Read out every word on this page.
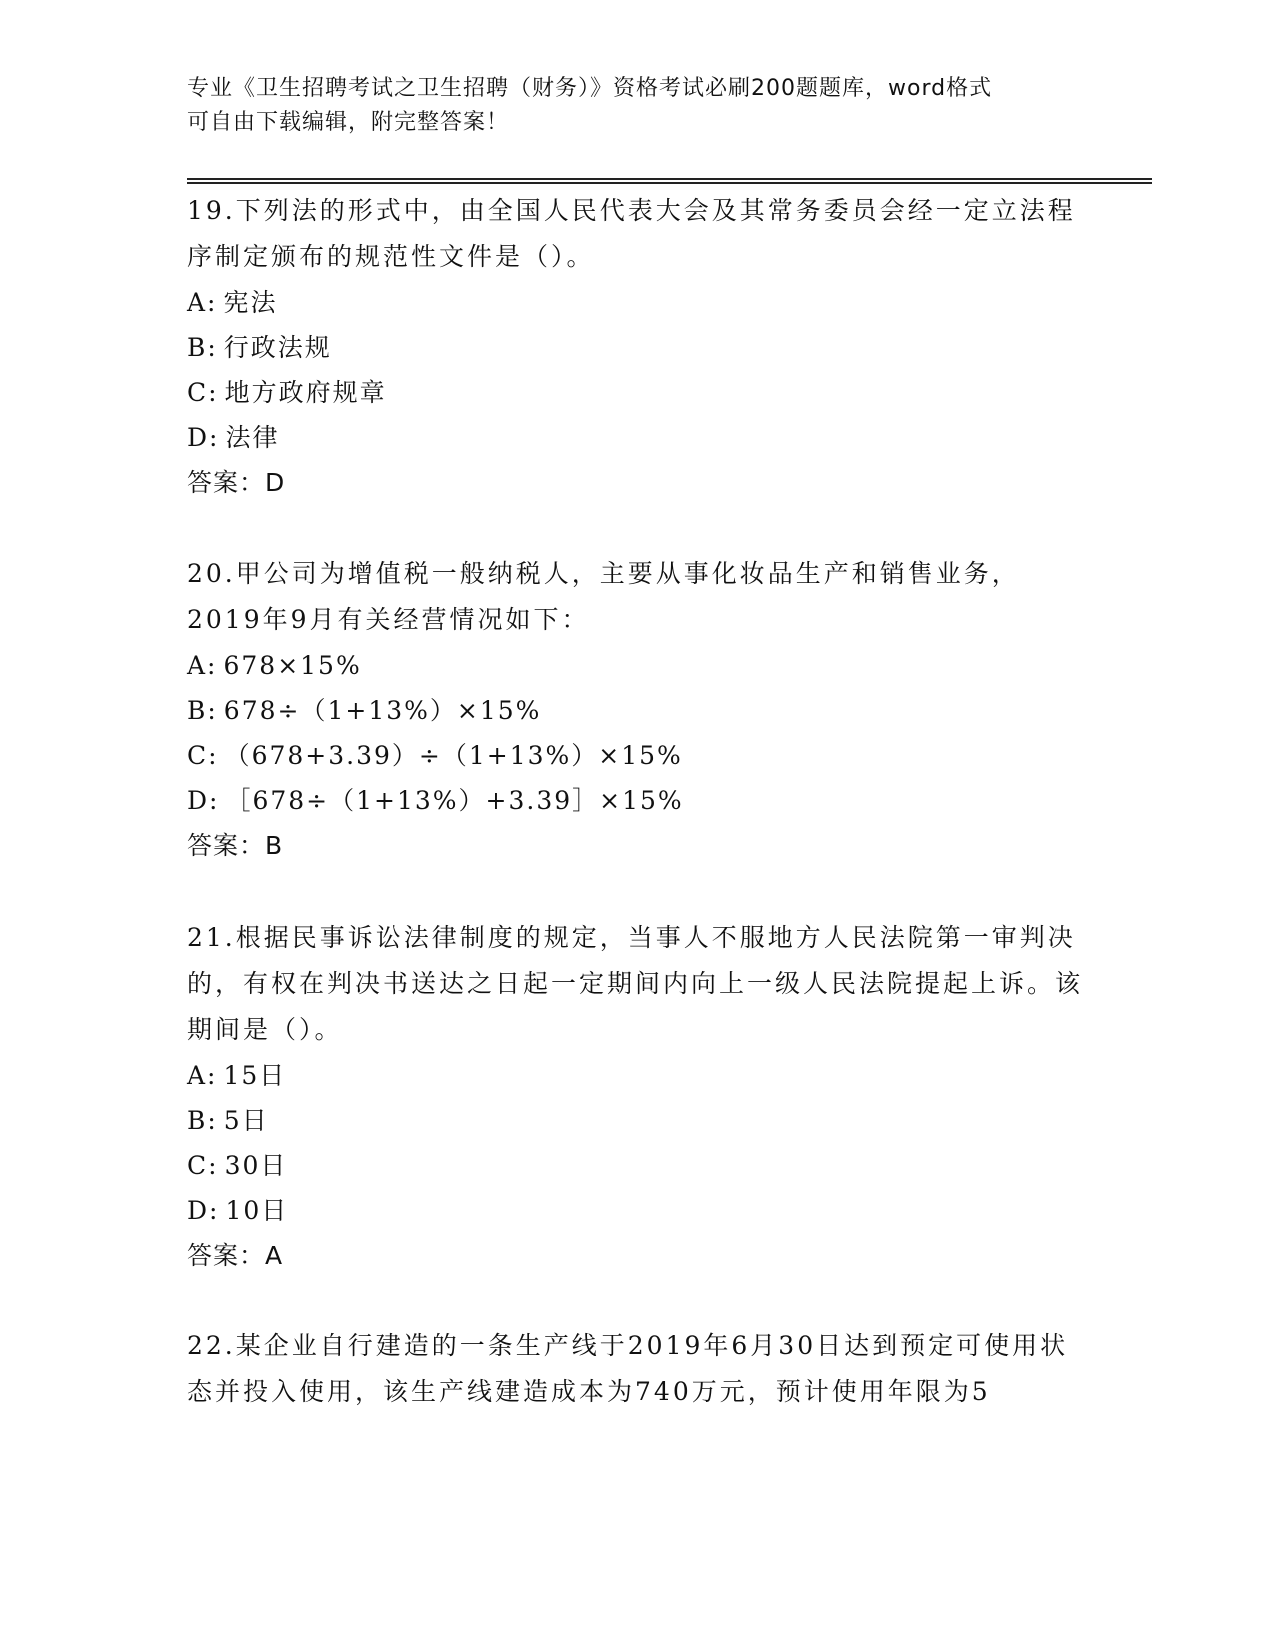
专业《卫生招聘考试之卫生招聘（财务）》资格考试必刷200题题库，word格式

可自由下载编辑，附完整答案！

19.下列法的形式中，由全国人民代表大会及其常务委员会经一定立法程序制定颁布的规范性文件是（）。

A: 宪法

B: 行政法规

C: 地方政府规章

D: 法律

答案：D

20.甲公司为增值税一般纳税人，主要从事化妆品生产和销售业务，2019年9月有关经营情况如下：

A: 678×15%

B: 678÷（1+13%）×15%

C: （678+3.39）÷（1+13%）×15%

D: ［678÷（1+13%）+3.39］×15%

答案：B

21.根据民事诉讼法律制度的规定，当事人不服地方人民法院第一审判决的，有权在判决书送达之日起一定期间内向上一级人民法院提起上诉。该期间是（）。

A: 15日

B: 5日

C: 30日

D: 10日

答案：A

22.某企业自行建造的一条生产线于2019年6月30日达到预定可使用状态并投入使用，该生产线建造成本为740万元，预计使用年限为5
